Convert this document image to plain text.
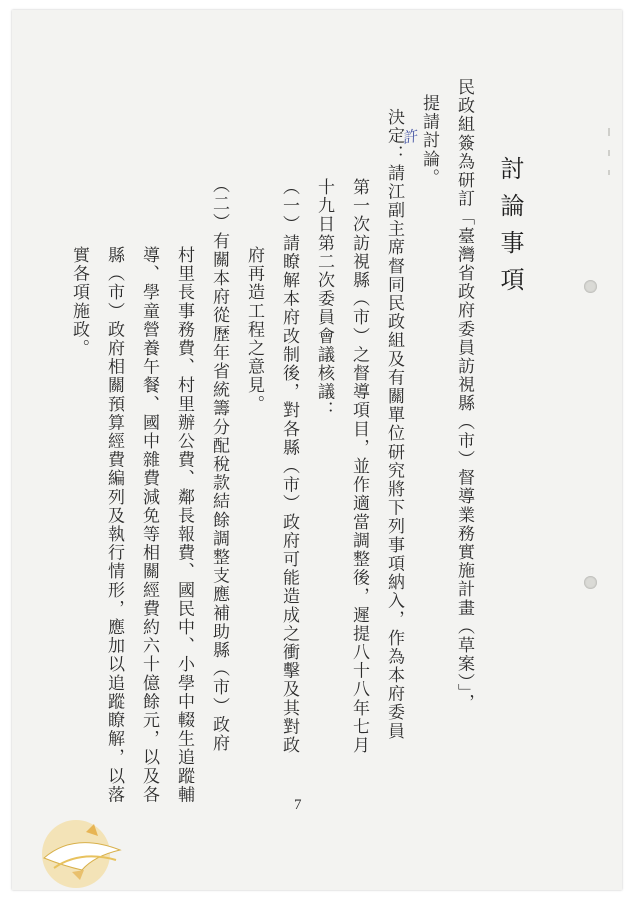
討論事項
民政組簽為研訂「臺灣省政府委員訪視縣（市）督導業務實施計畫（草案）」，
提請討論。
決定：請江副主席督同民政組及有關單位研究將下列事項納入，作為本府委員
第一次訪視縣（市）之督導項目，並作適當調整後，遲提八十八年七月
十九日第二次委員會議核議：
（一）請瞭解本府改制後，對各縣（市）政府可能造成之衝擊及其對政
府再造工程之意見。
（二）有關本府從歷年省統籌分配稅款結餘調整支應補助縣（市）政府
村里長事務費、村里辦公費、鄰長報費、國民中、小學中輟生追蹤輔
導、學童營養午餐、國中雜費減免等相關經費約六十億餘元，以及各
縣（市）政府相關預算經費編列及執行情形，應加以追蹤瞭解，以落
實各項施政。
許
7
